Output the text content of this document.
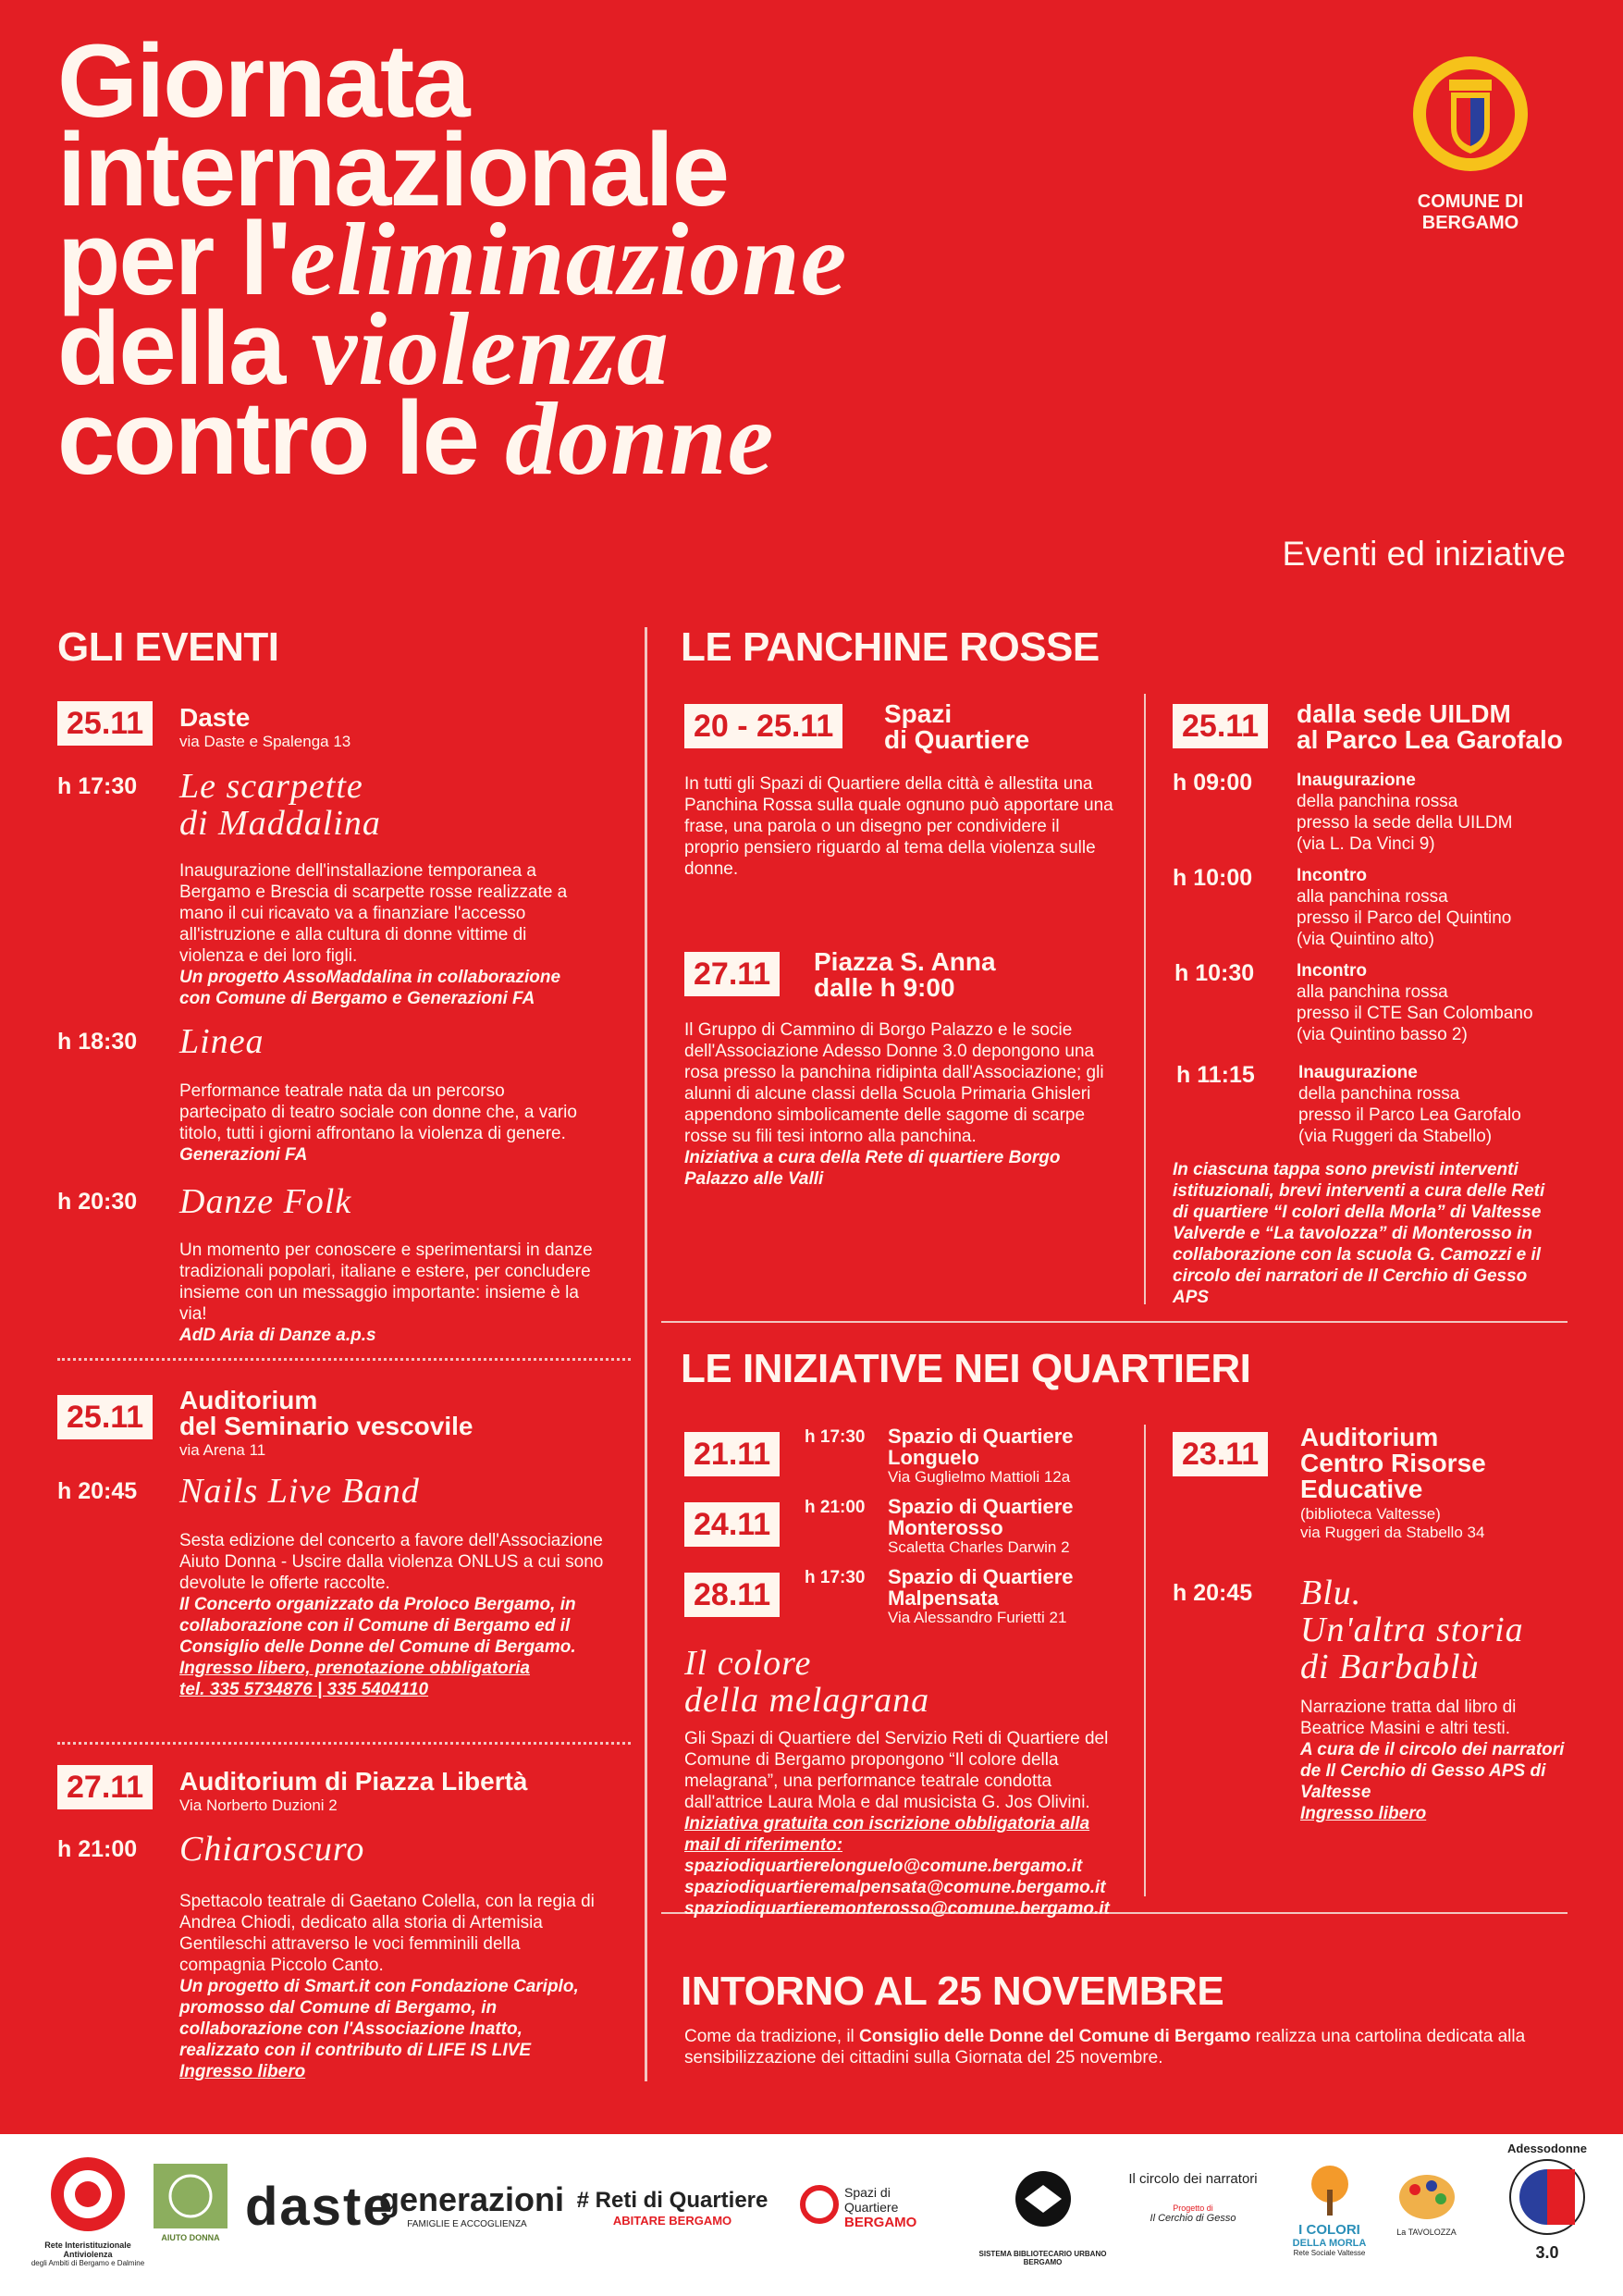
Giornata
internazionale
per l'eliminazione
della violenza
contro le donne
Eventi ed iniziative
COMUNE DI BERGAMO
GLI EVENTI
25.11	Daste
via Daste e Spalenga 13
h 17:30 Le scarpette
di Maddalina
Inaugurazione dell'installazione temporanea a Bergamo e Brescia di scarpette rosse realizzate a mano il cui ricavato va a finanziare l'accesso all'istruzione e alla cultura di donne vittime di violenza e dei loro figli.
Un progetto AssoMaddalina in collaborazione con Comune di Bergamo e Generazioni FA
h 18:30 Linea
Performance teatrale nata da un percorso partecipato di teatro sociale con donne che, a vario titolo, tutti i giorni affrontano la violenza di genere.
Generazioni FA
h 20:30 Danze Folk
Un momento per conoscere e sperimentarsi in danze tradizionali popolari, italiane e estere, per concludere insieme con un messaggio importante: insieme è la via!
AdD Aria di Danze a.p.s
25.11	Auditorium
del Seminario vescovile
via Arena 11
h 20:45 Nails Live Band
Sesta edizione del concerto a favore dell'Associazione Aiuto Donna - Uscire dalla violenza ONLUS a cui sono devolute le offerte raccolte.
Il Concerto organizzato da Proloco Bergamo, in collaborazione con il Comune di Bergamo ed il Consiglio delle Donne del Comune di Bergamo.
Ingresso libero, prenotazione obbligatoria
tel. 335 5734876 | 335 5404110
27.11	Auditorium di Piazza Libertà
Via Norberto Duzioni 2
h 21:00 Chiaroscuro
Spettacolo teatrale di Gaetano Colella, con la regia di Andrea Chiodi, dedicato alla storia di Artemisia Gentileschi attraverso le voci femminili della compagnia Piccolo Canto.
Un progetto di Smart.it con Fondazione Cariplo, promosso dal Comune di Bergamo, in collaborazione con l'Associazione Inatto, realizzato con il contributo di LIFE IS LIVE
Ingresso libero
LE PANCHINE ROSSE
20 - 25.11	Spazi
di Quartiere
In tutti gli Spazi di Quartiere della città è allestita una Panchina Rossa sulla quale ognuno può apportare una frase, una parola o un disegno per condividere il proprio pensiero riguardo al tema della violenza sulle donne.
27.11	Piazza S. Anna
dalle h 9:00
Il Gruppo di Cammino di Borgo Palazzo e le socie dell'Associazione Adesso Donne 3.0 depongono una rosa presso la panchina ridipinta dall'Associazione; gli alunni di alcune classi della Scuola Primaria Ghisleri appendono simbolicamente delle sagome di scarpe rosse su fili tesi intorno alla panchina.
Iniziativa a cura della Rete di quartiere Borgo Palazzo alle Valli
25.11	dalla sede UILDM
al Parco Lea Garofalo
h 09:00	Inaugurazione
della panchina rossa
presso la sede della UILDM
(via L. Da Vinci 9)
h 10:00	Incontro
alla panchina rossa
presso il Parco del Quintino
(via Quintino alto)
h 10:30 Incontro
alla panchina rossa
presso il CTE San Colombano
(via Quintino basso 2)
h 11:15 Inaugurazione
della panchina rossa
presso il Parco Lea Garofalo
(via Ruggeri da Stabello)
In ciascuna tappa sono previsti interventi istituzionali, brevi interventi a cura delle Reti di quartiere “I colori della Morla” di Valtesse Valverde e “La tavolozza” di Monterosso in collaborazione con la scuola G. Camozzi e il circolo dei narratori de Il Cerchio di Gesso APS
LE INIZIATIVE NEI QUARTIERI
21.11	h 17:30 Spazio di Quartiere
Longuelo
Via Guglielmo Mattioli 12a
24.11	h 21:00 Spazio di Quartiere
Monterosso
Scaletta Charles Darwin 2
28.11	h 17:30 Spazio di Quartiere
Malpensata
Via Alessandro Furietti 21
Il colore
della melagrana
Gli Spazi di Quartiere del Servizio Reti di Quartiere del Comune di Bergamo propongono “Il colore della melagrana”, una performance teatrale condotta dall'attrice Laura Mola e dal musicista G. Jos Olivini.
Iniziativa gratuita con iscrizione obbligatoria alla mail di riferimento:
spaziodiquartierelonguelo@comune.bergamo.it
spaziodiquartieremalpensata@comune.bergamo.it
spaziodiquartieremonterosso@comune.bergamo.it
23.11	Auditorium
Centro Risorse
Educative
(biblioteca Valtesse)
via Ruggeri da Stabello 34
h 20:45 Blu.
Un'altra storia
di Barbablù
Narrazione tratta dal libro di Beatrice Masini e altri testi.
A cura de il circolo dei narratori de Il Cerchio di Gesso APS di Valtesse
Ingresso libero
INTORNO AL 25 NOVEMBRE
Come da tradizione, il Consiglio delle Donne del Comune di Bergamo realizza una cartolina dedicata alla sensibilizzazione dei cittadini sulla Giornata del 25 novembre.
Rete Interistituzionale Antiviolenza
degli Ambiti di Bergamo e Dalmine
AIUTO DONNA
daste
generazioni
FAMIGLIE E ACCOGLIENZA
# Reti di Quartiere
ABITARE BERGAMO
Spazi di Quartiere
BERGAMO
SISTEMA BIBLIOTECARIO URBANO BERGAMO
Il circolo dei narratori
Progetto di
Il Cerchio di Gesso
I COLORI
DELLA MORLA
Rete Sociale Valtesse
La TAVOLOZZA
Adessodonne
3.0
